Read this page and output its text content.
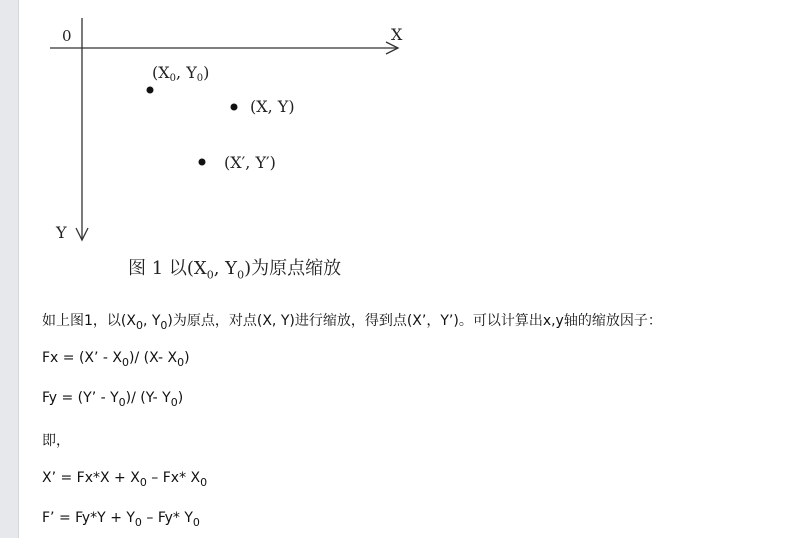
0	X
Y
(X0, Y0)
(X, Y)
(X′, Y′)
图 1 以($X_0$, $Y_0$)为原点缩放
如上图1，以($X_0$, $Y_0$)为原点，对点(X, Y)进行缩放，得到点(X’，Y’)。可以计算出x,y轴的缩放因子：
Fx = (X’ - $X_0)/$ (X- $X_0$)
Fy = (Y’ - $Y_0)/$ (Y- $Y_0$)
即，
X’ = $Fx*X + X_0 - Fx*$ $X_0$
F’ = $Fy*Y + Y_0 - Fy*$ $Y_0$
